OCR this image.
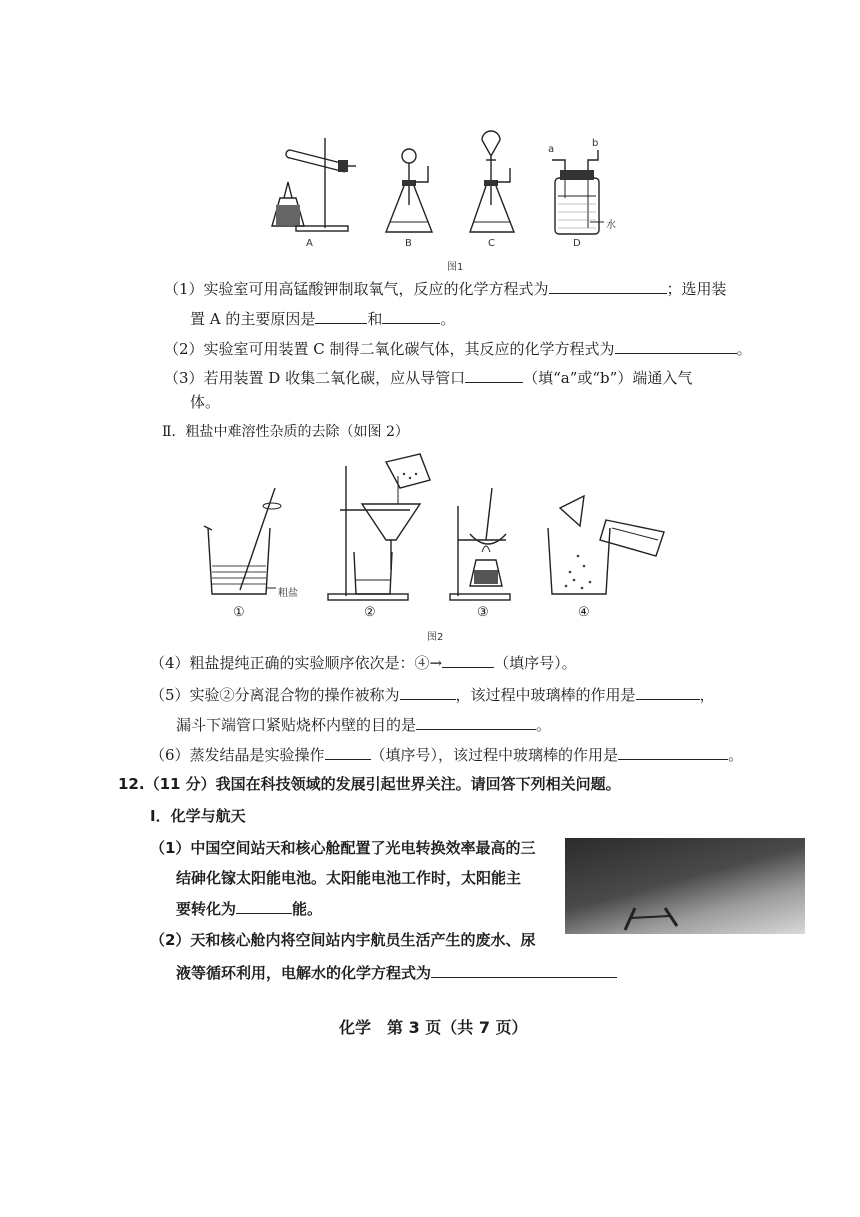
A	B	C	D
a
b
水
图1
（1）实验室可用高锰酸钾制取氧气，反应的化学方程式为	；选用装
置 A 的主要原因是	和	。
（2）实验室可用装置 C 制得二氧化碳气体，其反应的化学方程式为	。
（3）若用装置 D 收集二氧化碳，应从导管口	（填“a”或“b”）端通入气
体。
Ⅱ．粗盐中难溶性杂质的去除（如图 2）
粗盐
①	②	③	④
图2
（4）粗盐提纯正确的实验顺序依次是：④→	（填序号）。
（5）实验②分离混合物的操作被称为	，该过程中玻璃棒的作用是	，
漏斗下端管口紧贴烧杯内壁的目的是	。
（6）蒸发结晶是实验操作	（填序号），该过程中玻璃棒的作用是	。
12.（11 分）我国在科技领域的发展引起世界关注。请回答下列相关问题。
Ⅰ．化学与航天
（1）中国空间站天和核心舱配置了光电转换效率最高的三
结砷化镓太阳能电池。太阳能电池工作时，太阳能主
要转化为	能。
（2）天和核心舱内将空间站内宇航员生活产生的废水、尿
液等循环利用，电解水的化学方程式为
化学　第 3 页（共 7 页）
